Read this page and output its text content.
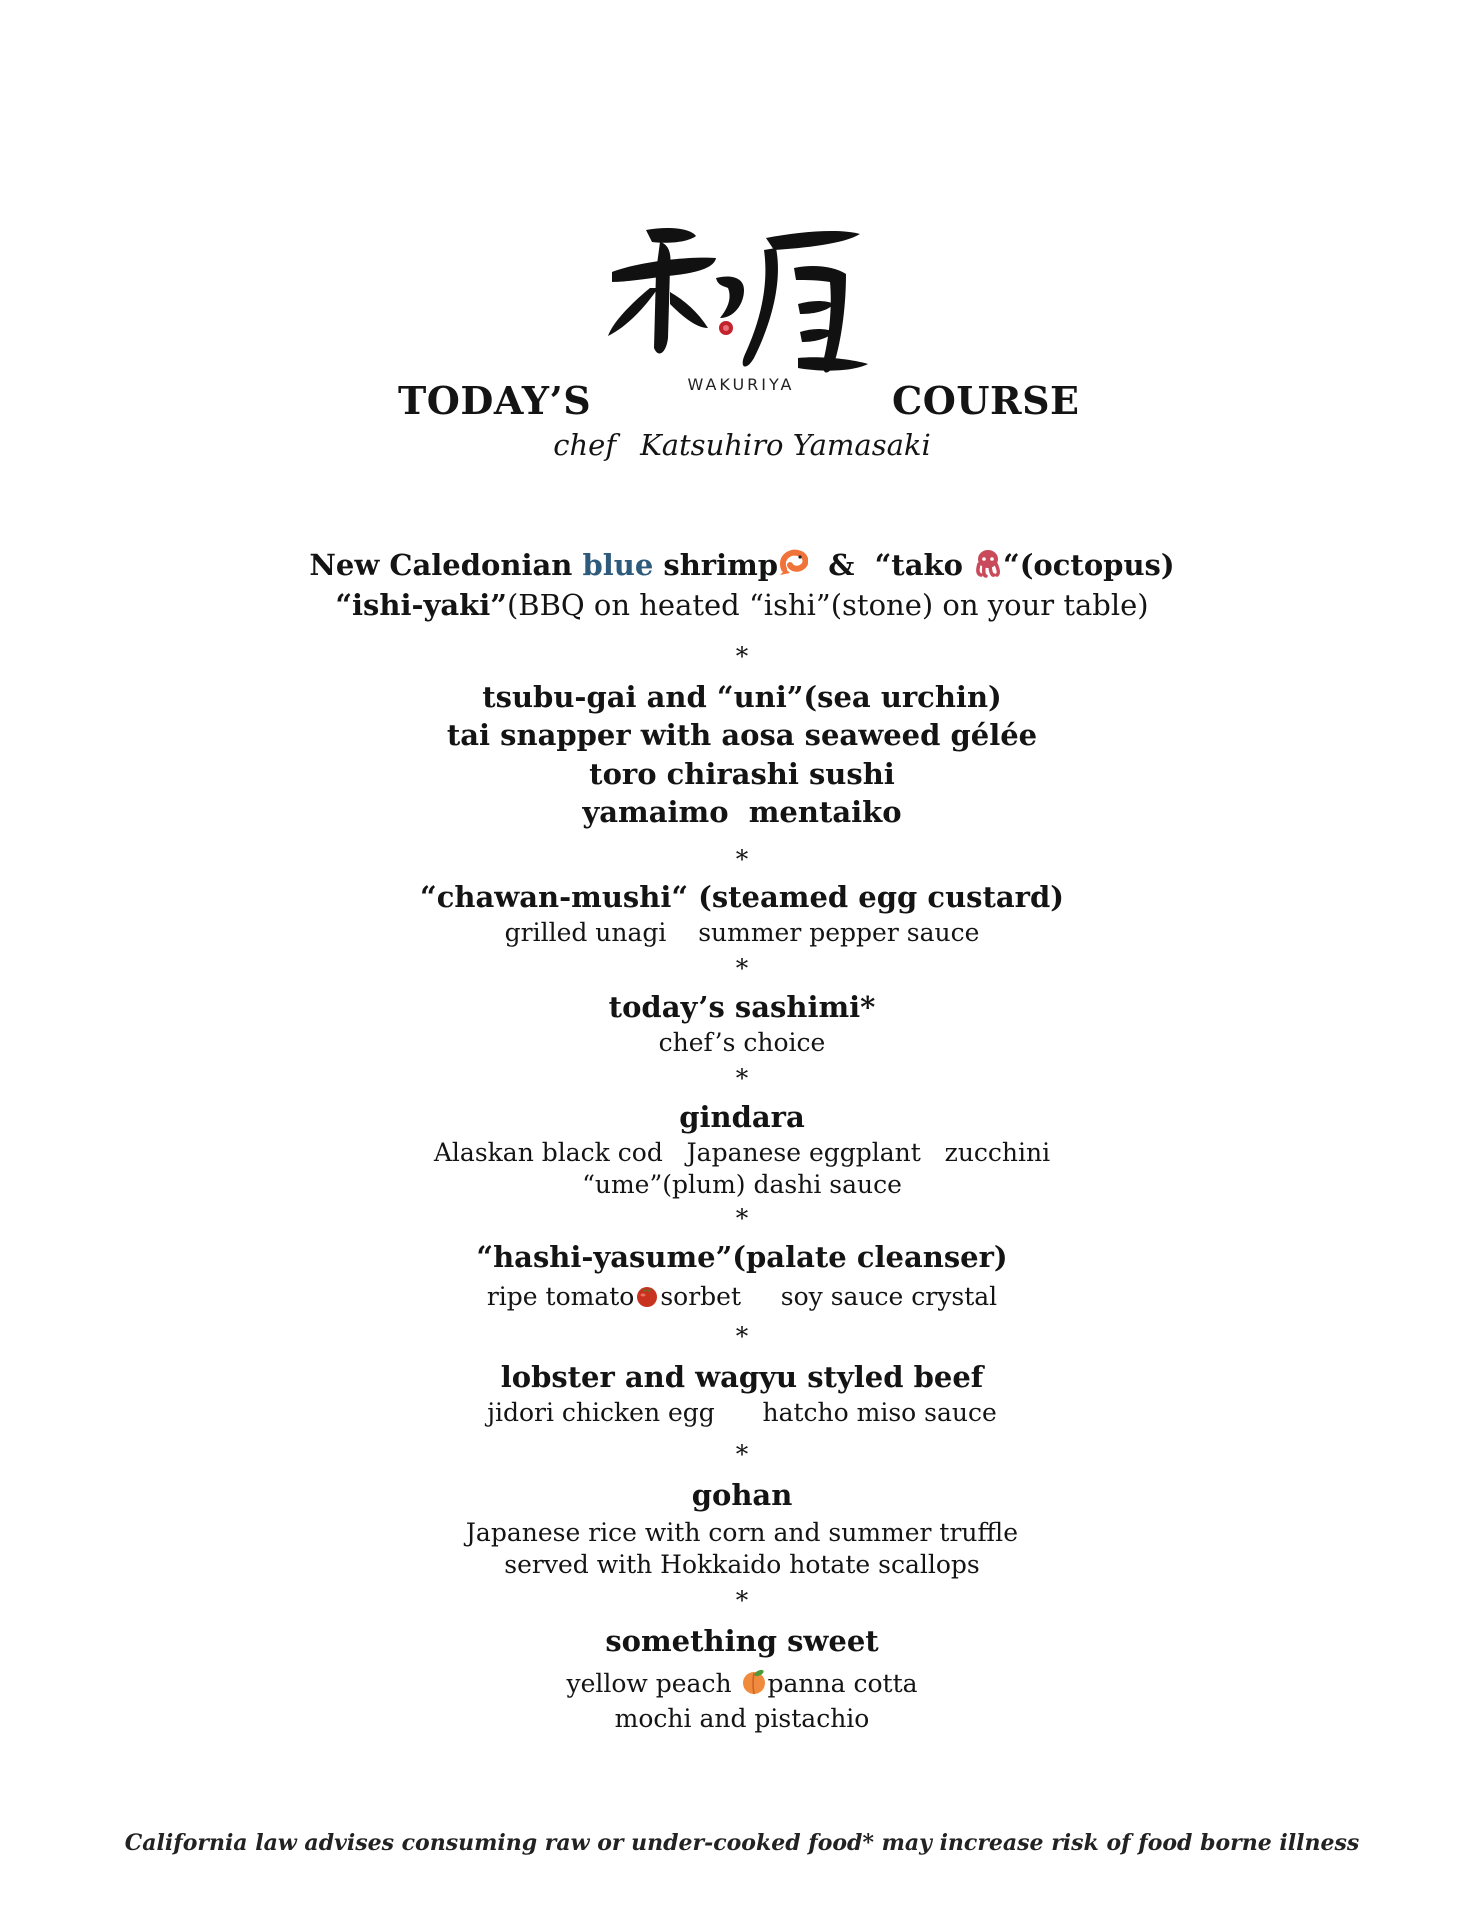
WAKURIYA
TODAY’S	COURSE
chef Katsuhiro Yamasaki
New Caledonian blue shrimp  &  “tako “(octopus)
“ishi-yaki”(BBQ on heated “ishi”(stone) on your table)
*
tsubu-gai and “uni”(sea urchin)
tai snapper with aosa seaweed gélée
toro chirashi sushi
yamaimo  mentaiko
*
“chawan-mushi“ (steamed egg custard)
grilled unagi    summer pepper sauce
*
today’s sashimi*
chef’s choice
*
gindara
Alaskan black cod   Japanese eggplant   zucchini
“ume”(plum) dashi sauce
*
“hashi-yasume”(palate cleanser)
ripe tomato sorbet     soy sauce crystal
*
lobster and wagyu styled beef
jidori chicken egg      hatcho miso sauce
*
gohan
Japanese rice with corn and summer truffle
served with Hokkaido hotate scallops
*
something sweet
yellow peach panna cotta
mochi and pistachio
California law advises consuming raw or under-cooked food* may increase risk of food borne illness
